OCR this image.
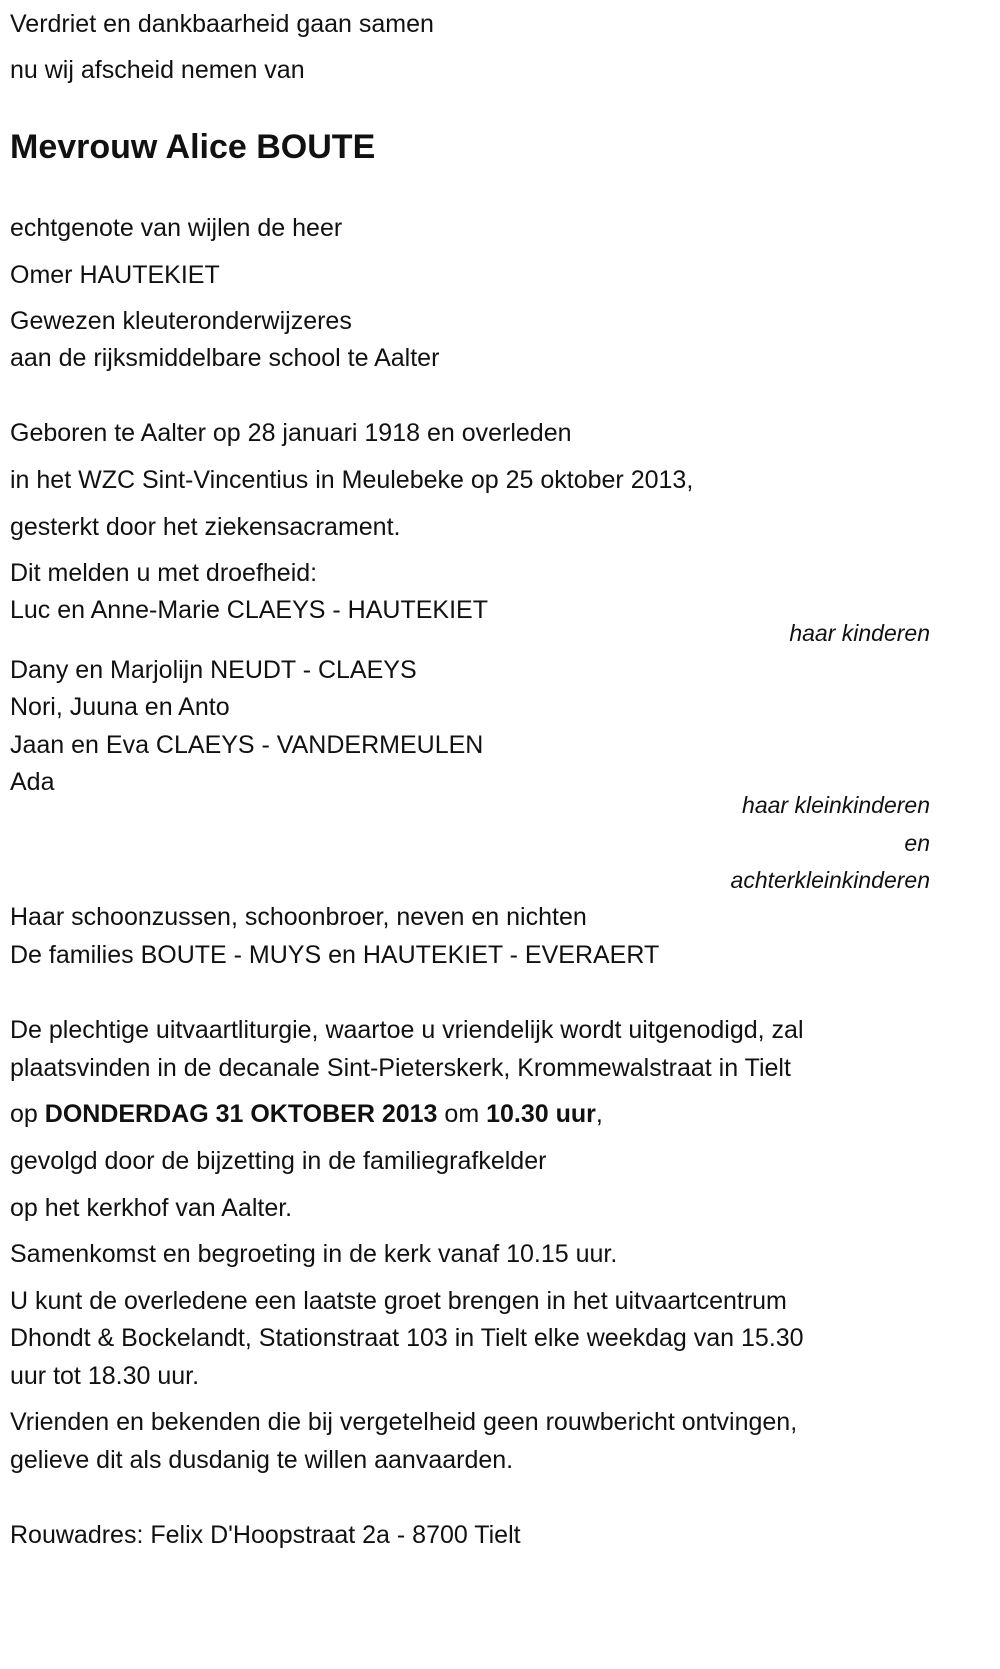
Verdriet en dankbaarheid gaan samen
nu wij afscheid nemen van
Mevrouw Alice BOUTE
echtgenote van wijlen de heer
Omer HAUTEKIET
Gewezen kleuteronderwijzeres
aan de rijksmiddelbare school te Aalter
Geboren te Aalter op 28 januari 1918 en overleden
in het WZC Sint-Vincentius in Meulebeke op 25 oktober 2013,
gesterkt door het ziekensacrament.
Dit melden u met droefheid:
Luc en Anne-Marie CLAEYS - HAUTEKIET
haar kinderen
Dany en Marjolijn NEUDT - CLAEYS
Nori, Juuna en Anto
Jaan en Eva CLAEYS - VANDERMEULEN
Ada
haar kleinkinderen
en
achterkleinkinderen
Haar schoonzussen, schoonbroer, neven en nichten
De families BOUTE - MUYS en HAUTEKIET - EVERAERT
De plechtige uitvaartliturgie, waartoe u vriendelijk wordt uitgenodigd, zal
plaatsvinden in de decanale Sint-Pieterskerk, Krommewalstraat in Tielt
op DONDERDAG 31 OKTOBER 2013 om 10.30 uur,
gevolgd door de bijzetting in de familiegrafkelder
op het kerkhof van Aalter.
Samenkomst en begroeting in de kerk vanaf 10.15 uur.
U kunt de overledene een laatste groet brengen in het uitvaartcentrum
Dhondt & Bockelandt, Stationstraat 103 in Tielt elke weekdag van 15.30
uur tot 18.30 uur.
Vrienden en bekenden die bij vergetelheid geen rouwbericht ontvingen,
gelieve dit als dusdanig te willen aanvaarden.
Rouwadres: Felix D'Hoopstraat 2a - 8700 Tielt
